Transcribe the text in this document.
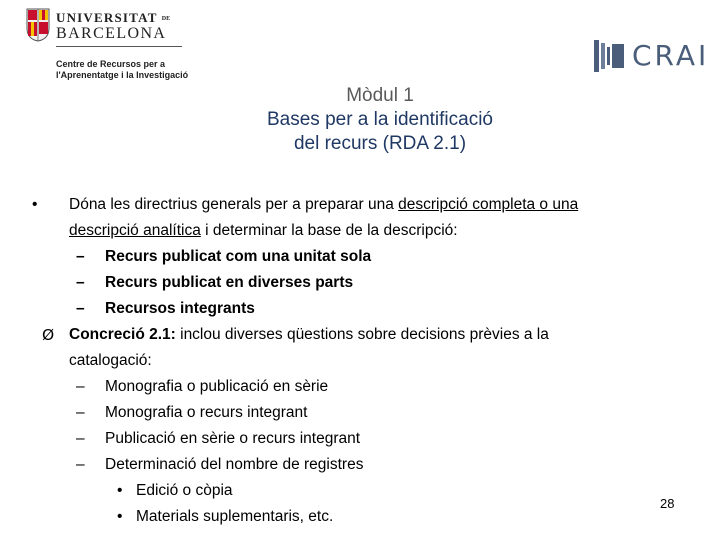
UNIVERSITAT DE
BARCELONA
Centre de Recursos per a
l'Aprenentatge i la Investigació
CRAI
Mòdul 1
Bases per a la identificació
del recurs (RDA 2.1)
• Dóna les directrius generals per a preparar una descripció completa o una
descripció analítica i determinar la base de la descripció:
– Recurs publicat com una unitat sola
– Recurs publicat en diverses parts
– Recursos integrants
Ø Concreció 2.1: inclou diverses qüestions sobre decisions prèvies a la
catalogació:
– Monografia o publicació en sèrie
– Monografia o recurs integrant
– Publicació en sèrie o recurs integrant
– Determinació del nombre de registres
• Edició o còpia
• Materials suplementaris, etc.
28
